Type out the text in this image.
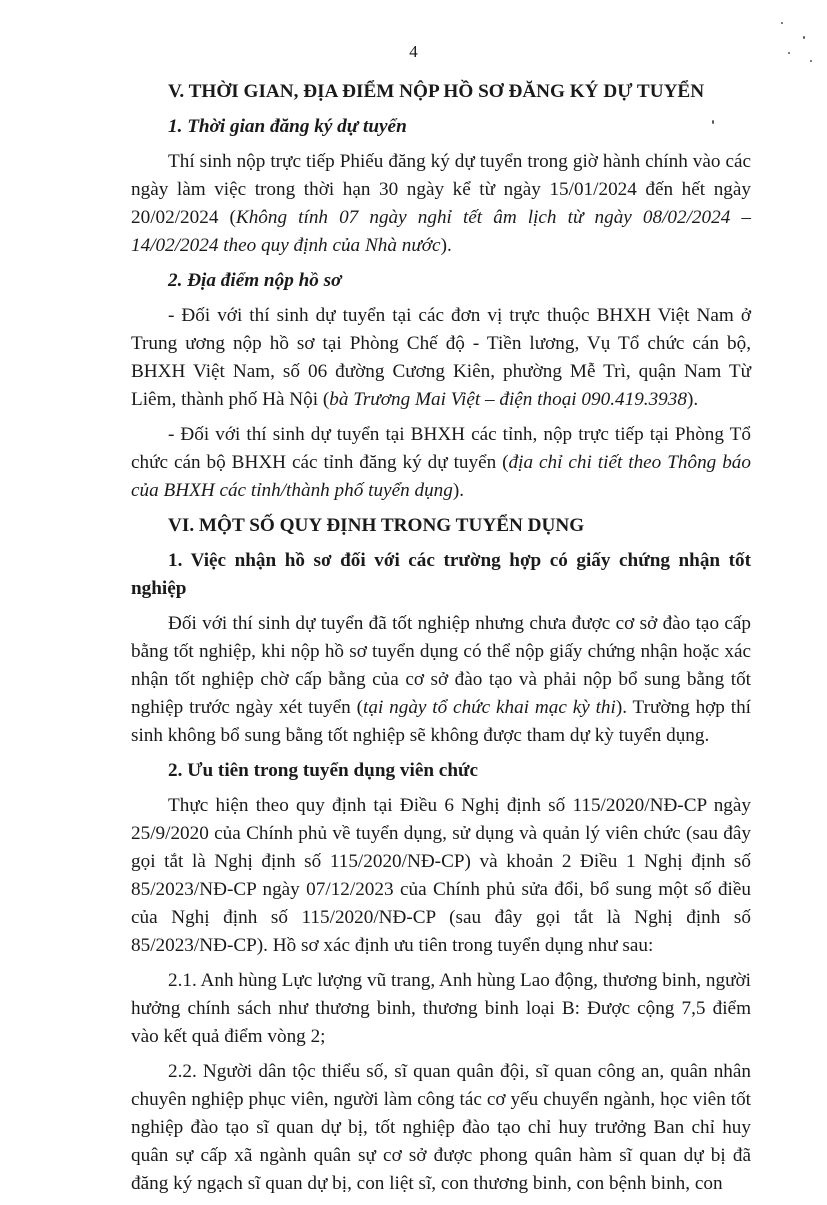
4

V. THỜI GIAN, ĐỊA ĐIỂM NỘP HỒ SƠ ĐĂNG KÝ DỰ TUYỂN

1. Thời gian đăng ký dự tuyển

Thí sinh nộp trực tiếp Phiếu đăng ký dự tuyển trong giờ hành chính vào các ngày làm việc trong thời hạn 30 ngày kể từ ngày 15/01/2024 đến hết ngày 20/02/2024 (Không tính 07 ngày nghỉ tết âm lịch từ ngày 08/02/2024 – 14/02/2024 theo quy định của Nhà nước).

2. Địa điểm nộp hồ sơ

- Đối với thí sinh dự tuyển tại các đơn vị trực thuộc BHXH Việt Nam ở Trung ương nộp hồ sơ tại Phòng Chế độ - Tiền lương, Vụ Tổ chức cán bộ, BHXH Việt Nam, số 06 đường Cương Kiên, phường Mễ Trì, quận Nam Từ Liêm, thành phố Hà Nội (bà Trương Mai Việt – điện thoại 090.419.3938).

- Đối với thí sinh dự tuyển tại BHXH các tỉnh, nộp trực tiếp tại Phòng Tổ chức cán bộ BHXH các tỉnh đăng ký dự tuyển (địa chỉ chi tiết theo Thông báo của BHXH các tỉnh/thành phố tuyển dụng).

VI. MỘT SỐ QUY ĐỊNH TRONG TUYỂN DỤNG

1. Việc nhận hồ sơ đối với các trường hợp có giấy chứng nhận tốt nghiệp

Đối với thí sinh dự tuyển đã tốt nghiệp nhưng chưa được cơ sở đào tạo cấp bằng tốt nghiệp, khi nộp hồ sơ tuyển dụng có thể nộp giấy chứng nhận hoặc xác nhận tốt nghiệp chờ cấp bằng của cơ sở đào tạo và phải nộp bổ sung bằng tốt nghiệp trước ngày xét tuyển (tại ngày tổ chức khai mạc kỳ thi). Trường hợp thí sinh không bổ sung bằng tốt nghiệp sẽ không được tham dự kỳ tuyển dụng.

2. Ưu tiên trong tuyển dụng viên chức

Thực hiện theo quy định tại Điều 6 Nghị định số 115/2020/NĐ-CP ngày 25/9/2020 của Chính phủ về tuyển dụng, sử dụng và quản lý viên chức (sau đây gọi tắt là Nghị định số 115/2020/NĐ-CP) và khoản 2 Điều 1 Nghị định số 85/2023/NĐ-CP ngày 07/12/2023 của Chính phủ sửa đổi, bổ sung một số điều của Nghị định số 115/2020/NĐ-CP (sau đây gọi tắt là Nghị định số 85/2023/NĐ-CP). Hồ sơ xác định ưu tiên trong tuyển dụng như sau:

2.1. Anh hùng Lực lượng vũ trang, Anh hùng Lao động, thương binh, người hưởng chính sách như thương binh, thương binh loại B: Được cộng 7,5 điểm vào kết quả điểm vòng 2;

2.2. Người dân tộc thiểu số, sĩ quan quân đội, sĩ quan công an, quân nhân chuyên nghiệp phục viên, người làm công tác cơ yếu chuyển ngành, học viên tốt nghiệp đào tạo sĩ quan dự bị, tốt nghiệp đào tạo chỉ huy trưởng Ban chỉ huy quân sự cấp xã ngành quân sự cơ sở được phong quân hàm sĩ quan dự bị đã đăng ký ngạch sĩ quan dự bị, con liệt sĩ, con thương binh, con bệnh binh, con
